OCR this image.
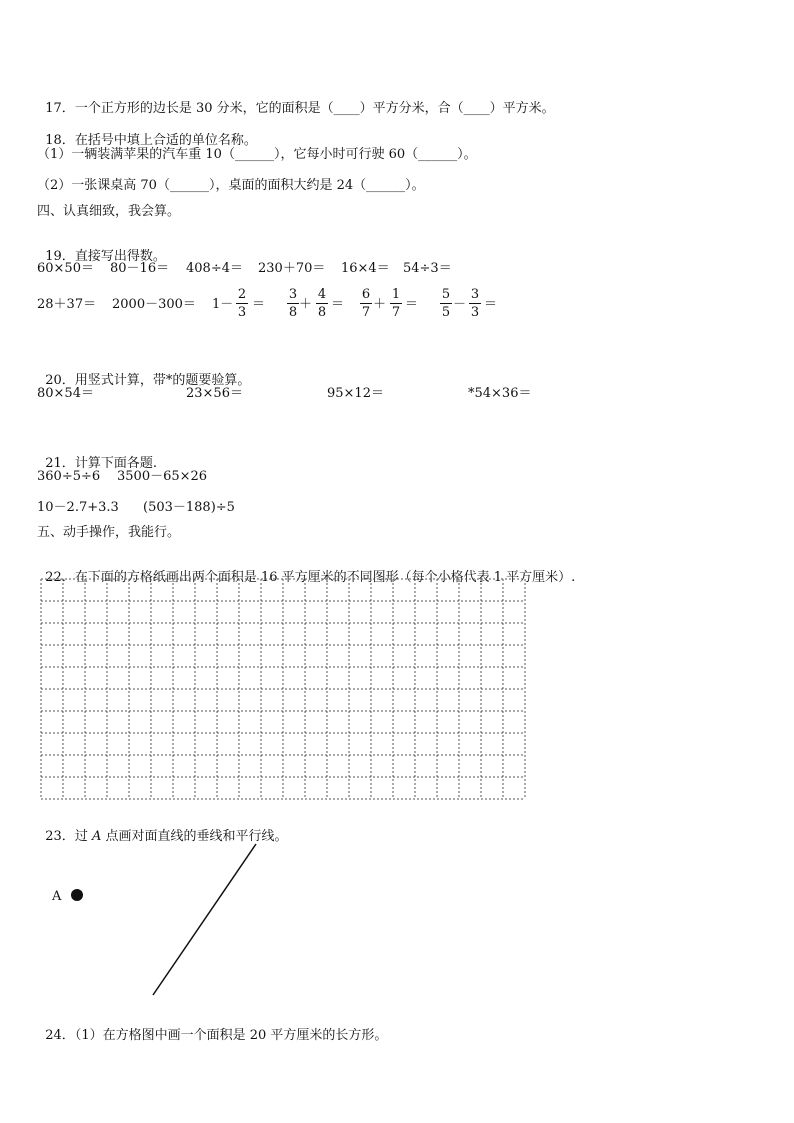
17．一个正方形的边长是 30 分米，它的面积是（____）平方分米，合（____）平方米。

18．在括号中填上合适的单位名称。

（1）一辆装满苹果的汽车重 10（______），它每小时可行驶 60（______）。
（2）一张课桌高 70（______），桌面的面积大约是 24（______）。
四、认真细致，我会算。

19．直接写出得数。

60×50＝ 80－16＝ 408÷4＝ 230＋70＝ 16×4＝ 54÷3＝
28＋37＝ 2000－300＝ 1－
2
3
＝
3
8
＋
4
8
＝
6
7
＋
1
7
＝
5
5
－
3
3
＝

20．用竖式计算，带*的题要验算。

80×54＝	23×56＝	95×12＝	*54×36＝

21．计算下面各题.

360÷5÷6 3500－65×26
10－2.7+3.3 (503－188)÷5
五、动手操作，我能行。

22．在下面的方格纸画出两个面积是 16 平方厘米的不同图形（每个小格代表 1 平方厘米）.

23．过 A 点画对面直线的垂线和平行线。

A

24．（1）在方格图中画一个面积是 20 平方厘米的长方形。
